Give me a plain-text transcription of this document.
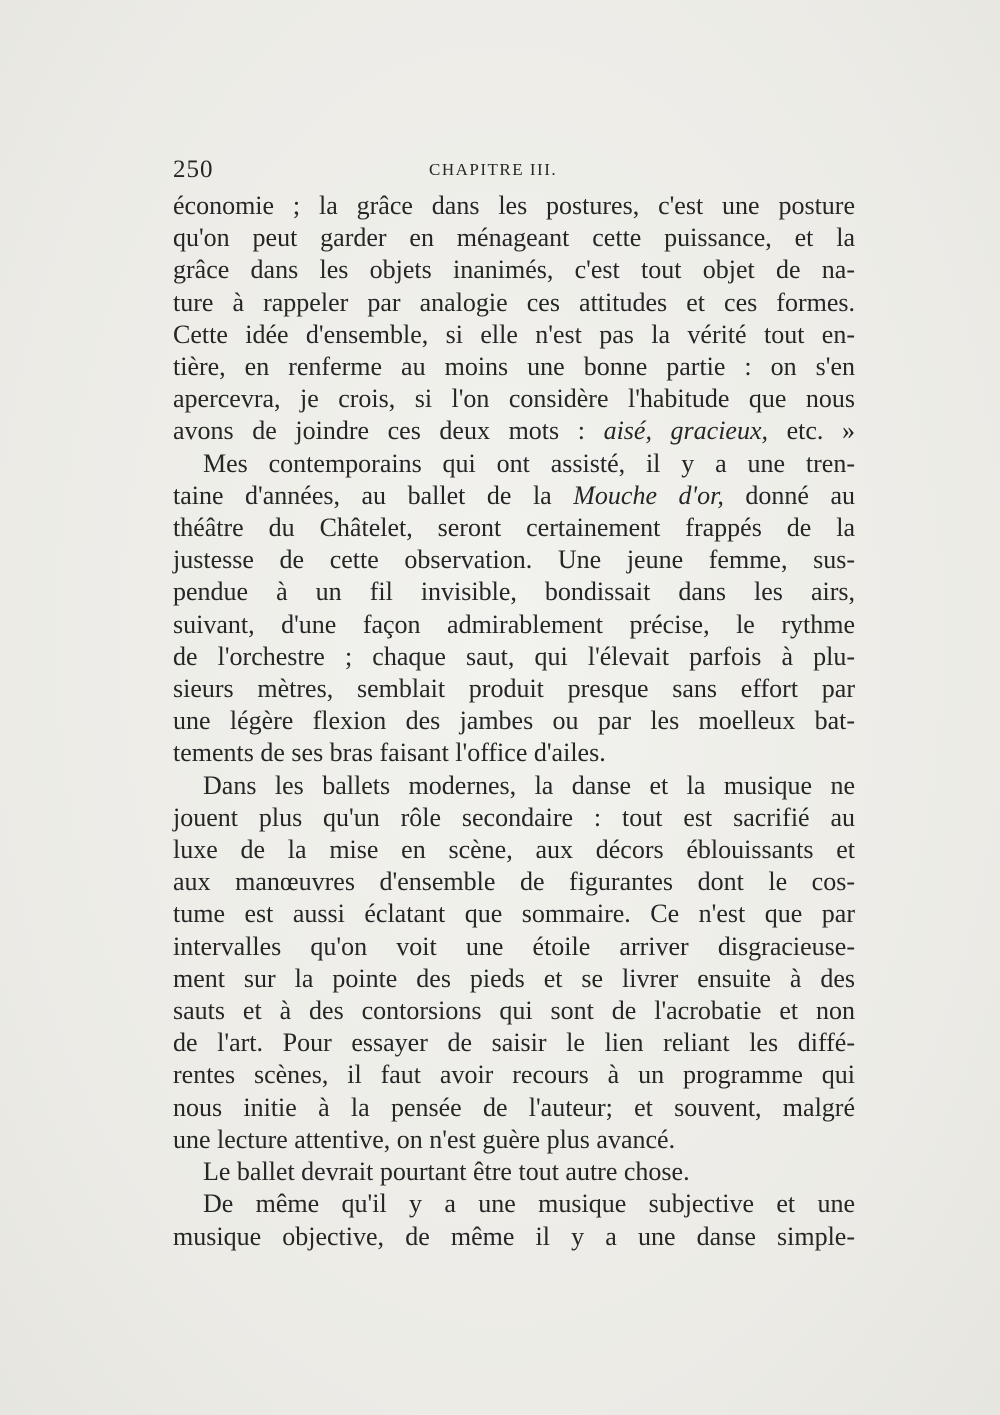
250	CHAPITRE III.
économie ; la grâce dans les postures, c'est une posture
qu'on peut garder en ménageant cette puissance, et la
grâce dans les objets inanimés, c'est tout objet de na-
ture à rappeler par analogie ces attitudes et ces formes.
Cette idée d'ensemble, si elle n'est pas la vérité tout en-
tière, en renferme au moins une bonne partie : on s'en
apercevra, je crois, si l'on considère l'habitude que nous
avons de joindre ces deux mots : aisé, gracieux, etc. »
Mes contemporains qui ont assisté, il y a une tren-
taine d'années, au ballet de la Mouche d'or, donné au
théâtre du Châtelet, seront certainement frappés de la
justesse de cette observation. Une jeune femme, sus-
pendue à un fil invisible, bondissait dans les airs,
suivant, d'une façon admirablement précise, le rythme
de l'orchestre ; chaque saut, qui l'élevait parfois à plu-
sieurs mètres, semblait produit presque sans effort par
une légère flexion des jambes ou par les moelleux bat-
tements de ses bras faisant l'office d'ailes.
Dans les ballets modernes, la danse et la musique ne
jouent plus qu'un rôle secondaire : tout est sacrifié au
luxe de la mise en scène, aux décors éblouissants et
aux manœuvres d'ensemble de figurantes dont le cos-
tume est aussi éclatant que sommaire. Ce n'est que par
intervalles qu'on voit une étoile arriver disgracieuse-
ment sur la pointe des pieds et se livrer ensuite à des
sauts et à des contorsions qui sont de l'acrobatie et non
de l'art. Pour essayer de saisir le lien reliant les diffé-
rentes scènes, il faut avoir recours à un programme qui
nous initie à la pensée de l'auteur; et souvent, malgré
une lecture attentive, on n'est guère plus avancé.
Le ballet devrait pourtant être tout autre chose.
De même qu'il y a une musique subjective et une
musique objective, de même il y a une danse simple-
